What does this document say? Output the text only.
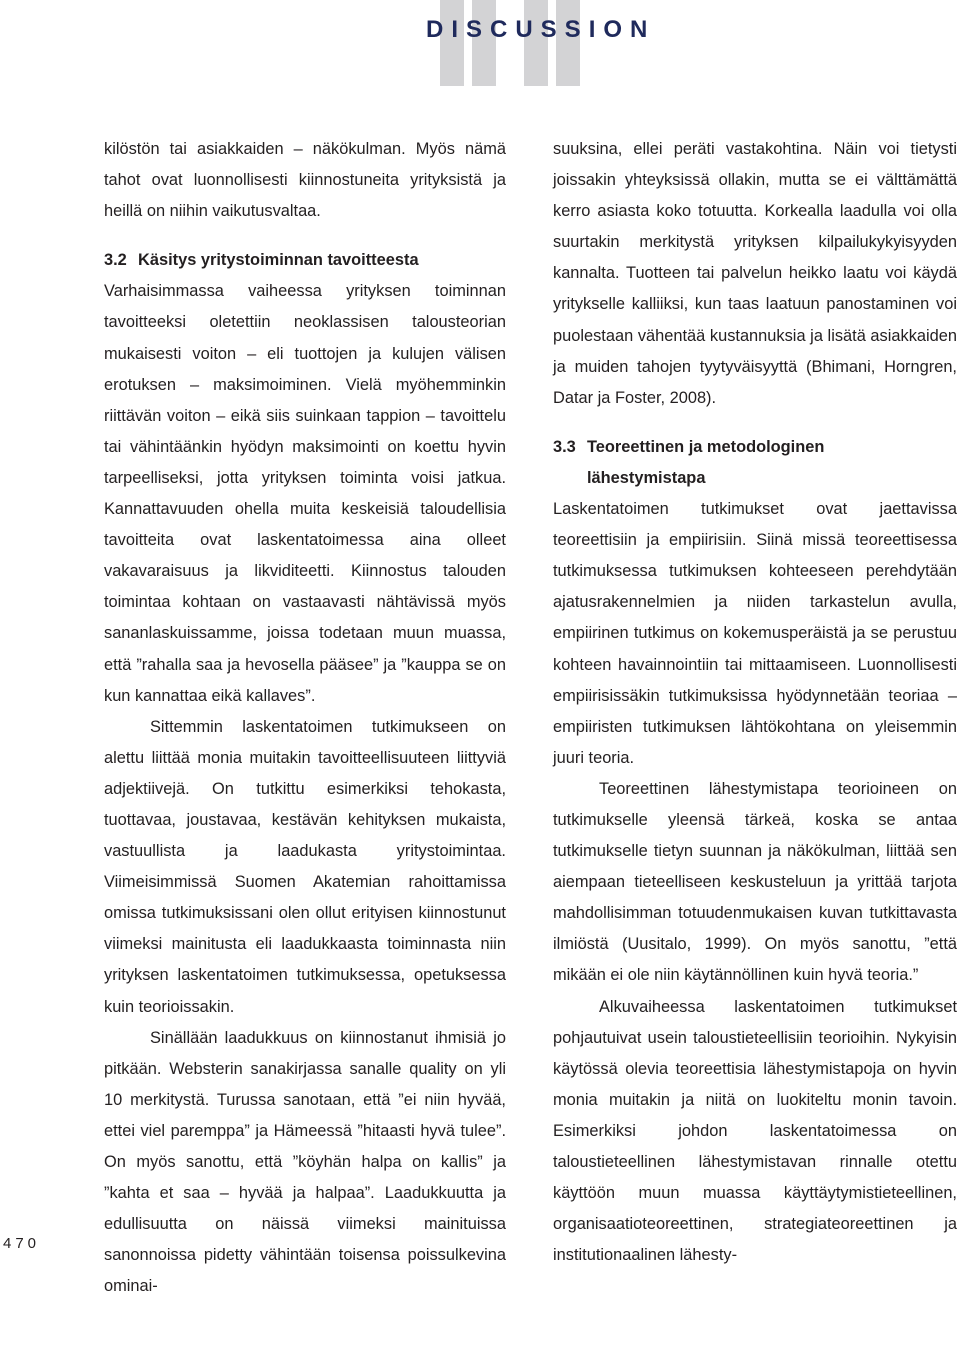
DISCUSSION
470

kilöstön tai asiakkaiden – näkökulman. Myös nämä tahot ovat luonnollisesti kiinnostuneita yrityksistä ja heillä on niihin vaikutusvaltaa.

3.2 Käsitys yritystoiminnan tavoitteesta

Varhaisimmassa vaiheessa yrityksen toiminnan tavoitteeksi oletettiin neoklassisen talousteorian mukaisesti voiton – eli tuottojen ja kulujen välisen erotuksen – maksimoiminen. Vielä myöhemminkin riittävän voiton – eikä siis suinkaan tappion – tavoittelu tai vähintäänkin hyödyn maksimointi on koettu hyvin tarpeelliseksi, jotta yrityksen toiminta voisi jatkua. Kannattavuuden ohella muita keskeisiä taloudellisia tavoitteita ovat laskentatoimessa aina olleet vakavaraisuus ja likviditeetti. Kiinnostus talouden toimintaa kohtaan on vastaavasti nähtävissä myös sananlaskuissamme, joissa todetaan muun muassa, että ”rahalla saa ja hevosella pääsee” ja ”kauppa se on kun kannattaa eikä kallaves”.

Sittemmin laskentatoimen tutkimukseen on alettu liittää monia muitakin tavoitteellisuuteen liittyviä adjektiivejä. On tutkittu esimerkiksi tehokasta, tuottavaa, joustavaa, kestävän kehityksen mukaista, vastuullista ja laadukasta yritystoimintaa. Viimeisimmissä Suomen Akatemian rahoittamissa omissa tutkimuksissani olen ollut erityisen kiinnostunut viimeksi mainitusta eli laadukkaasta toiminnasta niin yrityksen laskentatoimen tutkimuksessa, opetuksessa kuin teorioissakin.

Sinällään laadukkuus on kiinnostanut ihmisiä jo pitkään. Websterin sanakirjassa sanalle quality on yli 10 merkitystä. Turussa sanotaan, että ”ei niin hyvää, ettei viel paremppa” ja Hämeessä ”hitaasti hyvä tulee”. On myös sanottu, että ”köyhän halpa on kallis” ja ”kahta et saa – hyvää ja halpaa”. Laadukkuutta ja edullisuutta on näissä viimeksi mainituissa sanonnoissa pidetty vähintään toisensa poissulkevina ominai-

suuksina, ellei peräti vastakohtina. Näin voi tietysti joissakin yhteyksissä ollakin, mutta se ei välttämättä kerro asiasta koko totuutta. Korkealla laadulla voi olla suurtakin merkitystä yrityksen kilpailukykyisyyden kannalta. Tuotteen tai palvelun heikko laatu voi käydä yritykselle kalliiksi, kun taas laatuun panostaminen voi puolestaan vähentää kustannuksia ja lisätä asiakkaiden ja muiden tahojen tyytyväisyyttä (Bhimani, Horngren, Datar ja Foster, 2008).

3.3 Teoreettinen ja metodologinen
lähestymistapa

Laskentatoimen tutkimukset ovat jaettavissa teoreettisiin ja empiirisiin. Siinä missä teoreettisessa tutkimuksessa tutkimuksen kohteeseen perehdytään ajatusrakennelmien ja niiden tarkastelun avulla, empiirinen tutkimus on kokemusperäistä ja se perustuu kohteen havainnointiin tai mittaamiseen. Luonnollisesti empiirisissäkin tutkimuksissa hyödynnetään teoriaa – empiiristen tutkimuksen lähtökohtana on yleisemmin juuri teoria.

Teoreettinen lähestymistapa teorioineen on tutkimukselle yleensä tärkeä, koska se antaa tutkimukselle tietyn suunnan ja näkökulman, liittää sen aiempaan tieteelliseen keskusteluun ja yrittää tarjota mahdollisimman totuudenmukaisen kuvan tutkittavasta ilmiöstä (Uusitalo, 1999). On myös sanottu, ”että mikään ei ole niin käytännöllinen kuin hyvä teoria.”

Alkuvaiheessa laskentatoimen tutkimukset pohjautuivat usein taloustieteellisiin teorioihin. Nykyisin käytössä olevia teoreettisia lähestymistapoja on hyvin monia muitakin ja niitä on luokiteltu monin tavoin. Esimerkiksi johdon laskentatoimessa on taloustieteellinen lähestymistavan rinnalle otettu käyttöön muun muassa käyttäytymistieteellinen, organisaatioteoreettinen, strategiateoreettinen ja institutionaalinen lähesty-
